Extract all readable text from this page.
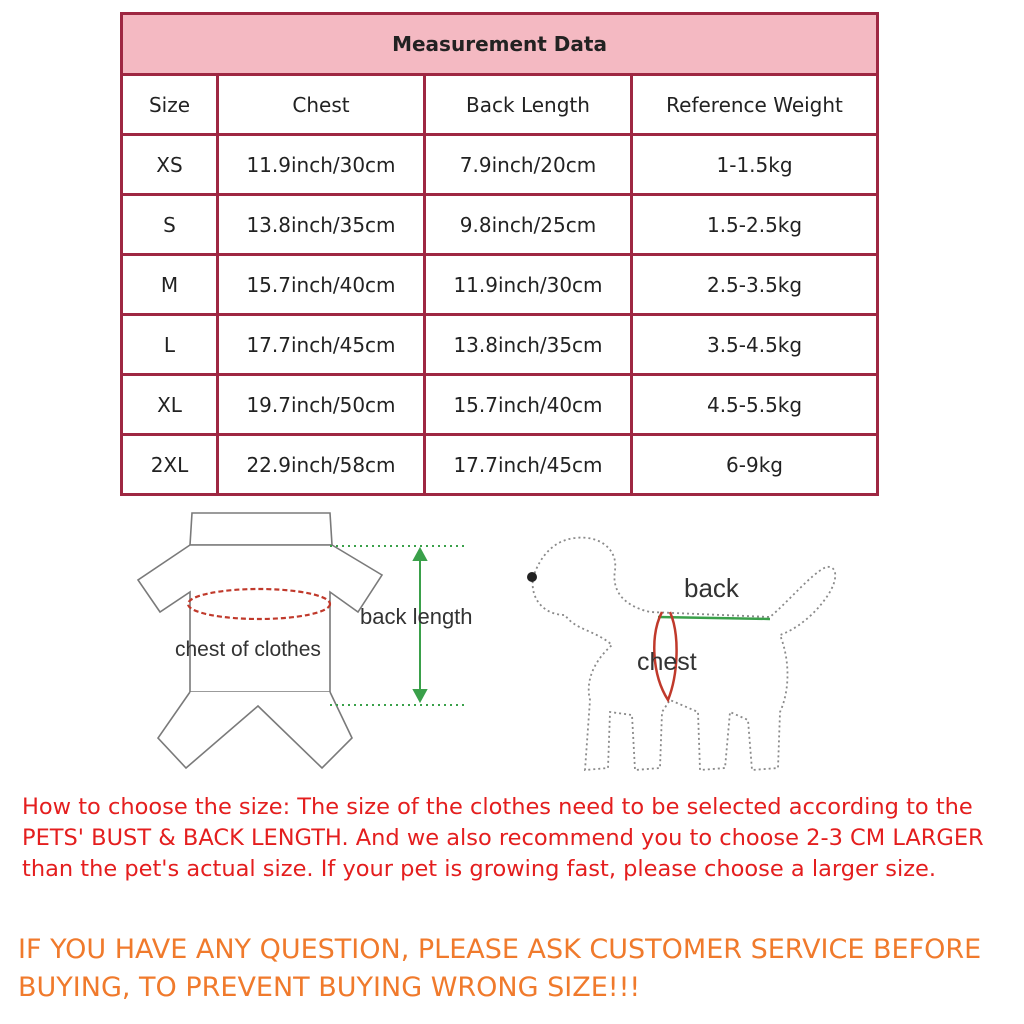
Measurement Data			
Size	Chest	Back Length	Reference Weight
XS	11.9inch/30cm	7.9inch/20cm	1-1.5kg
S	13.8inch/35cm	9.8inch/25cm	1.5-2.5kg
M	15.7inch/40cm	11.9inch/30cm	2.5-3.5kg
L	17.7inch/45cm	13.8inch/35cm	3.5-4.5kg
XL	19.7inch/50cm	15.7inch/40cm	4.5-5.5kg
2XL	22.9inch/58cm	17.7inch/45cm	6-9kg
back length
chest of clothes
back
chest

How to choose the size: The size of the clothes need to be selected according to the PETS' BUST & BACK LENGTH. And we also recommend you to choose 2-3 CM LARGER than the pet's actual size. If your pet is growing fast, please choose a larger size.

IF YOU HAVE ANY QUESTION, PLEASE ASK CUSTOMER SERVICE BEFORE BUYING, TO PREVENT BUYING WRONG SIZE!!!
